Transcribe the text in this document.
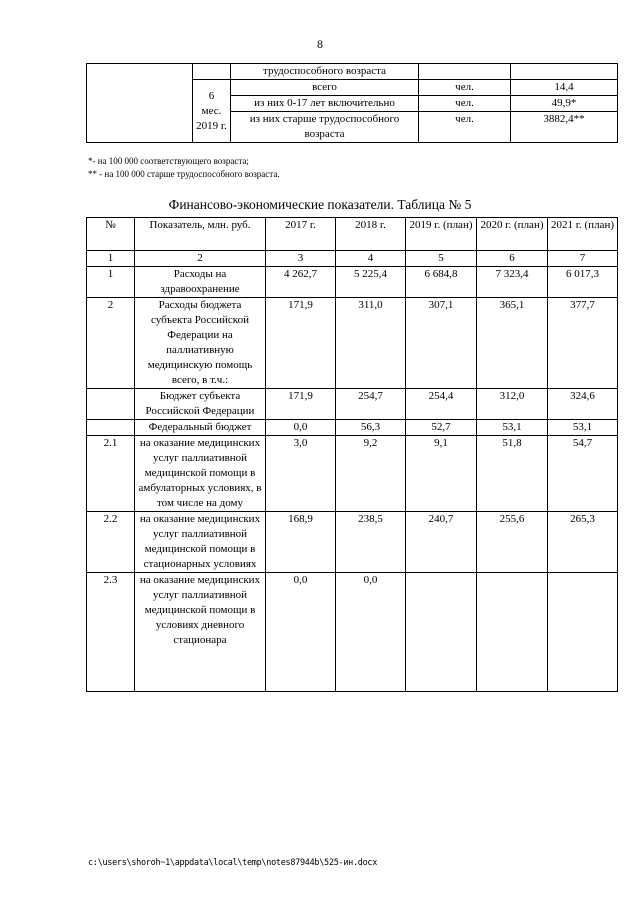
8
		трудоспособного возраста		

	6
мес.
2019 г.	всего	чел.	14,4
		из них 0-17 лет включительно	чел.	49,9*
		из них старше трудоспособного возраста	чел.	3882,4**
*- на 100 000 соответствующего возраста;
** - на 100 000 старше трудоспособного возраста.
Финансово-экономические показатели. Таблица № 5
№	Показатель, млн. руб.	2017 г.	2018 г.	2019 г. (план)	2020 г. (план)	2021 г. (план)
1	2	3	4	5	6	7
1	Расходы на здравоохранение	4 262,7	5 225,4	6 684,8	7 323,4	6 017,3
2	Расходы бюджета субъекта Российской Федерации на паллиативную медицинскую помощь всего, в т.ч.:	171,9	311,0	307,1	365,1	377,7
	Бюджет субъекта Российской Федерации	171,9	254,7	254,4	312,0	324,6
	Федеральный бюджет	0,0	56,3	52,7	53,1	53,1
2.1	на оказание медицинских услуг паллиативной медицинской помощи в амбулаторных условиях, в том числе на дому	3,0	9,2	9,1	51,8	54,7
2.2	на оказание медицинских услуг паллиативной медицинской помощи в стационарных условиях	168,9	238,5	240,7	255,6	265,3
2.3	на оказание медицинских услуг паллиативной медицинской помощи в условиях дневного стационара	0,0	0,0			
c:\users\shoroh~1\appdata\local\temp\notes87944b\525-ин.docx
